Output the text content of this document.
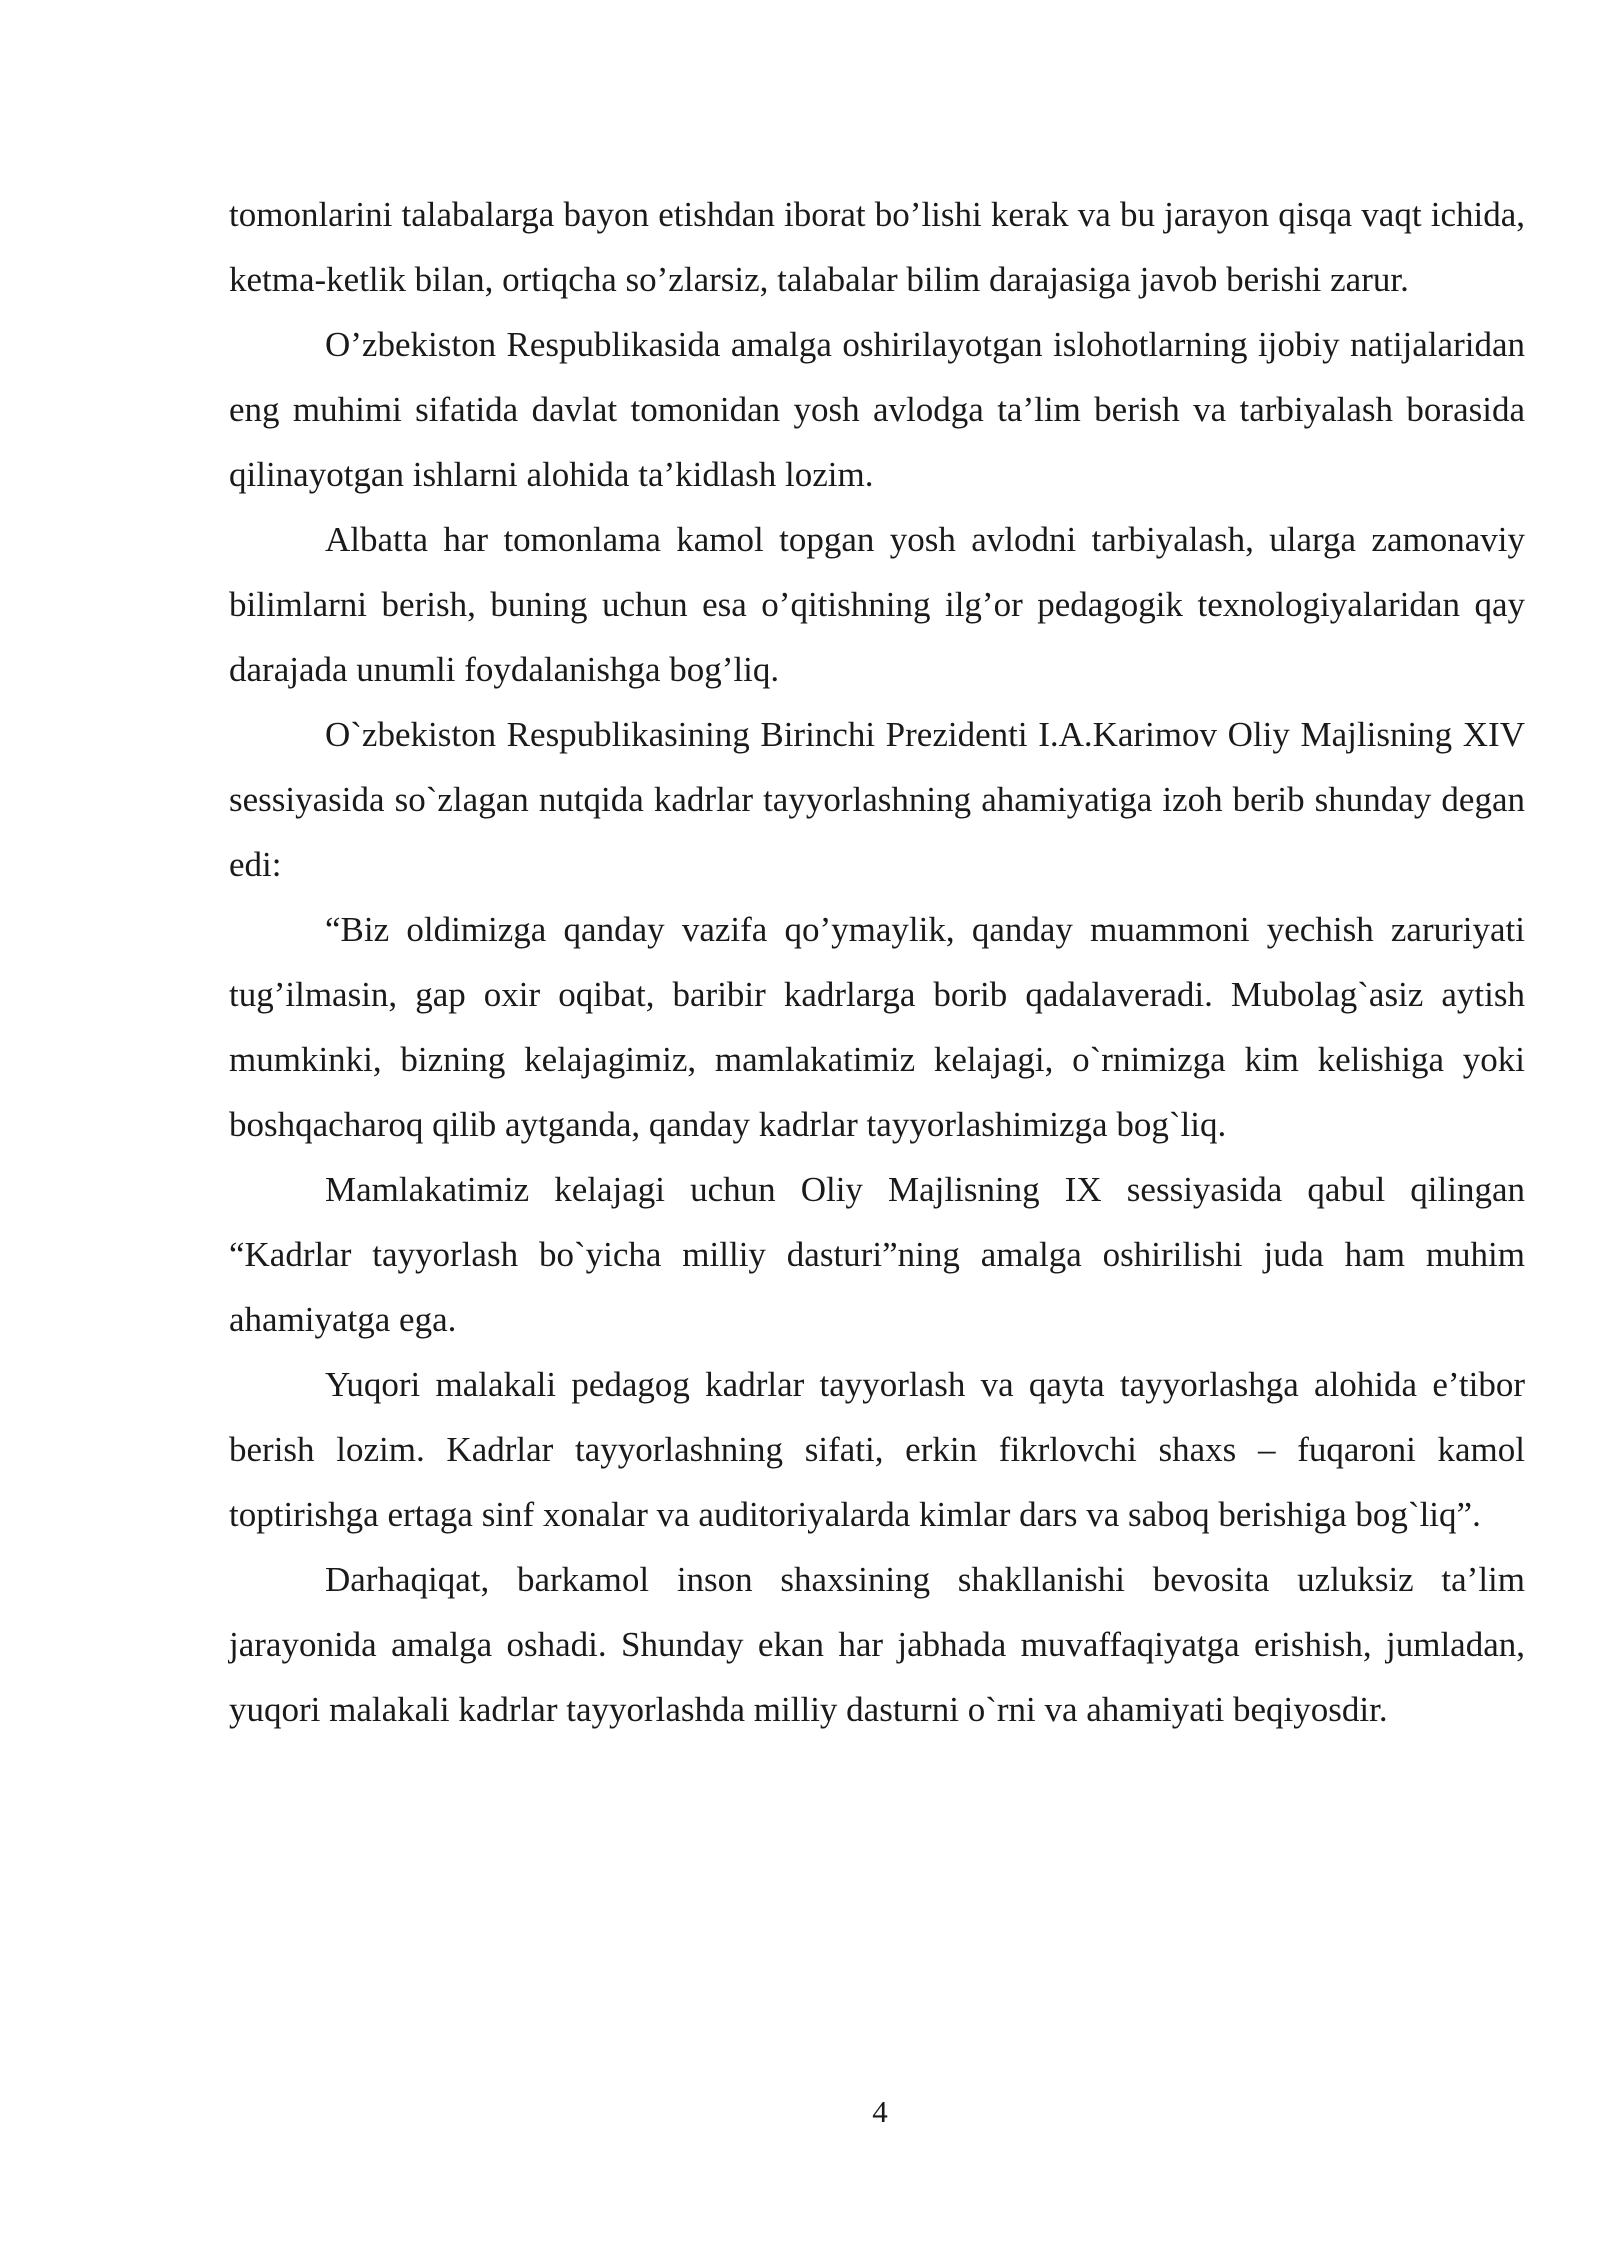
tomonlarini talabalarga bayon etishdan iborat bo’lishi kerak va bu jarayon qisqa vaqt ichida, ketma-ketlik bilan, ortiqcha so’zlarsiz, talabalar bilim darajasiga javob berishi zarur.

O’zbekiston Respublikasida amalga oshirilayotgan islohotlarning ijobiy natijalaridan eng muhimi sifatida davlat tomonidan yosh avlodga ta’lim berish va tarbiyalash borasida qilinayotgan ishlarni alohida ta’kidlash lozim.

Albatta har tomonlama kamol topgan yosh avlodni tarbiyalash, ularga zamonaviy bilimlarni berish, buning uchun esa o’qitishning ilg’or pedagogik texnologiyalaridan qay darajada unumli foydalanishga bog’liq.

O`zbekiston Respublikasining Birinchi Prezidenti I.A.Karimov Oliy Majlisning XIV sessiyasida so`zlagan nutqida kadrlar tayyorlashning ahamiyatiga izoh berib shunday degan edi:

“Biz oldimizga qanday vazifa qo’ymaylik, qanday muammoni yechish zaruriyati tug’ilmasin, gap oxir oqibat, baribir kadrlarga borib qadalaveradi. Mubolag`asiz aytish mumkinki, bizning kelajagimiz, mamlakatimiz kelajagi, o`rnimizga kim kelishiga yoki boshqacharoq qilib aytganda, qanday kadrlar tayyorlashimizga bog`liq.

Mamlakatimiz kelajagi uchun Oliy Majlisning IX sessiyasida qabul qilingan “Kadrlar tayyorlash bo`yicha milliy dasturi”ning amalga oshirilishi juda ham muhim ahamiyatga ega.

Yuqori malakali pedagog kadrlar tayyorlash va qayta tayyorlashga alohida e’tibor berish lozim. Kadrlar tayyorlashning sifati, erkin fikrlovchi shaxs – fuqaroni kamol toptirishga ertaga sinf xonalar va auditoriyalarda kimlar dars va saboq berishiga bog`liq”.

Darhaqiqat, barkamol inson shaxsining shakllanishi bevosita uzluksiz ta’lim jarayonida amalga oshadi. Shunday ekan har jabhada muvaffaqiyatga erishish, jumladan, yuqori malakali kadrlar tayyorlashda milliy dasturni o`rni va ahamiyati beqiyosdir.

4
